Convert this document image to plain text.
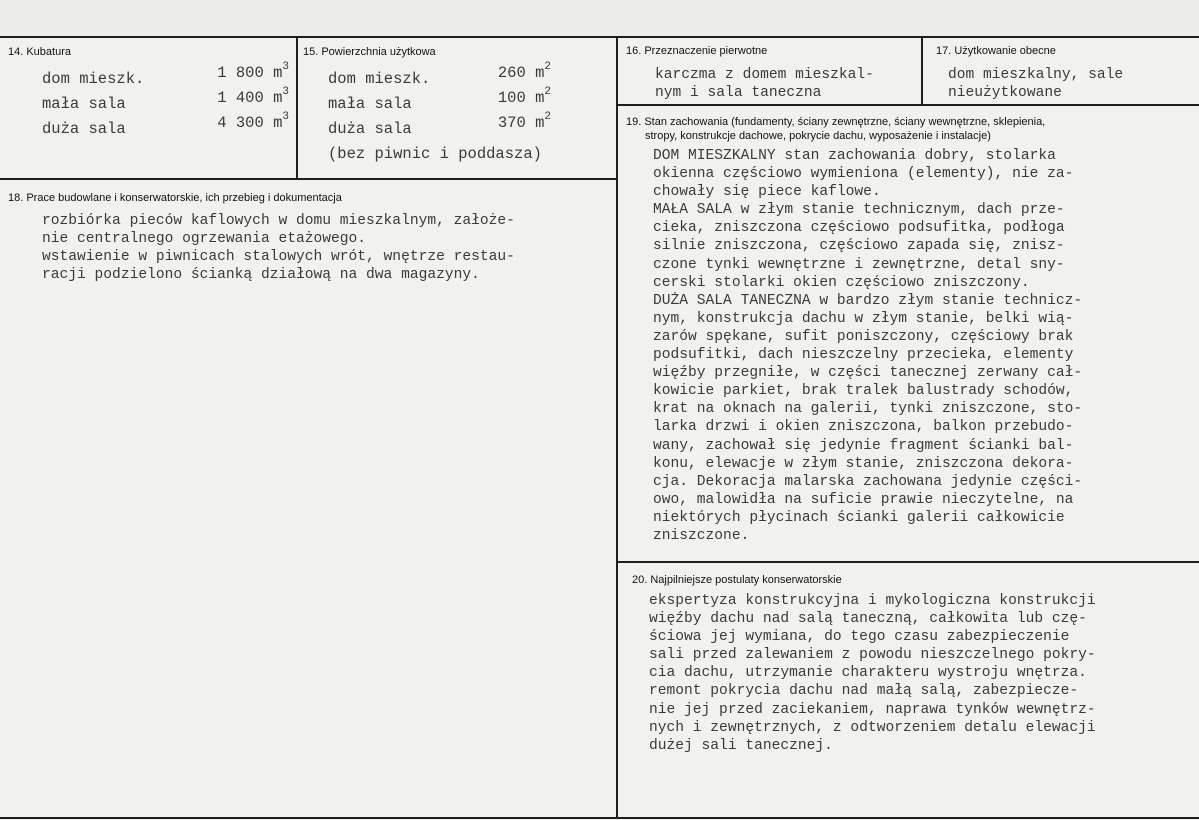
14. Kubatura
dom mieszk.	1 800 $m^3$
mała sala	1 400 $m^3$
duża sala	4 300 $m^3$
15. Powierzchnia użytkowa
dom mieszk.	260 $m^2$
mała sala	100 $m^2$
duża sala	370 $m^2$
(bez piwnic i poddasza)
16. Przeznaczenie pierwotne
karczma z domem mieszkal-
nym i sala taneczna
17. Użytkowanie obecne
dom mieszkalny, sale
nieużytkowane
18. Prace budowlane i konserwatorskie, ich przebieg i dokumentacja
rozbiórka pieców kaflowych w domu mieszkalnym, założe-
nie centralnego ogrzewania etażowego.
wstawienie w piwnicach stalowych wrót, wnętrze restau-
racji podzielono ścianką działową na dwa magazyny.
19. Stan zachowania (fundamenty, ściany zewnętrzne, ściany wewnętrzne, sklepienia,
stropy, konstrukcje dachowe, pokrycie dachu, wyposażenie i instalacje)
DOM MIESZKALNY stan zachowania dobry, stolarka
okienna częściowo wymieniona (elementy), nie za-
chowały się piece kaflowe.
MAŁA SALA w złym stanie technicznym, dach prze-
cieka, zniszczona częściowo podsufitka, podłoga
silnie zniszczona, częściowo zapada się, znisz-
czone tynki wewnętrzne i zewnętrzne, detal sny-
cerski stolarki okien częściowo zniszczony.
DUŻA SALA TANECZNA w bardzo złym stanie technicz-
nym, konstrukcja dachu w złym stanie, belki wią-
zarów spękane, sufit poniszczony, częściowy brak
podsufitki, dach nieszczelny przecieka, elementy
więźby przegniłe, w części tanecznej zerwany cał-
kowicie parkiet, brak tralek balustrady schodów,
krat na oknach na galerii, tynki zniszczone, sto-
larka drzwi i okien zniszczona, balkon przebudo-
wany, zachował się jedynie fragment ścianki bal-
konu, elewacje w złym stanie, zniszczona dekora-
cja. Dekoracja malarska zachowana jedynie części-
owo, malowidła na suficie prawie nieczytelne, na
niektórych płycinach ścianki galerii całkowicie
zniszczone.
20. Najpilniejsze postulaty konserwatorskie
ekspertyza konstrukcyjna i mykologiczna konstrukcji
więźby dachu nad salą taneczną, całkowita lub czę-
ściowa jej wymiana, do tego czasu zabezpieczenie
sali przed zalewaniem z powodu nieszczelnego pokry-
cia dachu, utrzymanie charakteru wystroju wnętrza.
remont pokrycia dachu nad małą salą, zabezpiecze-
nie jej przed zaciekaniem, naprawa tynków wewnętrz-
nych i zewnętrznych, z odtworzeniem detalu elewacji
dużej sali tanecznej.
